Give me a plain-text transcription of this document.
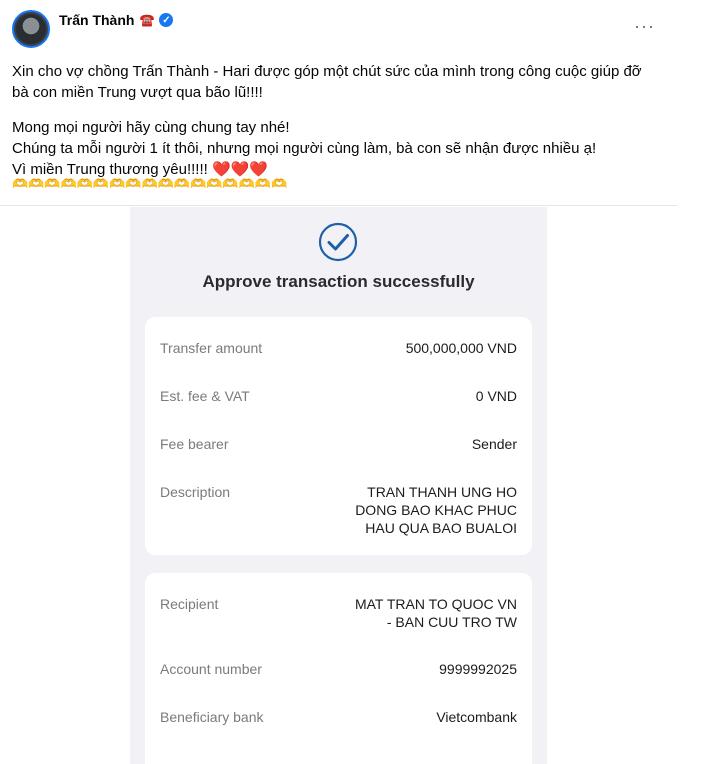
Trấn Thành ☎️ ✓	···

Xin cho vợ chồng Trấn Thành - Hari được góp một chút sức của mình trong công cuộc giúp đỡ bà con miền Trung vượt qua bão lũ!!!!

Mong mọi người hãy cùng chung tay nhé!

Chúng ta mỗi người 1 ít thôi, nhưng mọi người cùng làm, bà con sẽ nhận được nhiều ạ!

Vì miền Trung thương yêu!!!!! ❤️❤️❤️

🫶🫶🫶🫶🫶🫶🫶🫶🫶🫶🫶🫶🫶🫶🫶🫶🫶
Approve transaction successfully
Transfer amount	500,000,000 VND
Est. fee & VAT	0 VND
Fee bearer	Sender
Description	TRAN THANH UNG HO
DONG BAO KHAC PHUC
HAU QUA BAO BUALOI
Recipient	MAT TRAN TO QUOC VN
- BAN CUU TRO TW
Account number	9999992025
Beneficiary bank	Vietcombank
